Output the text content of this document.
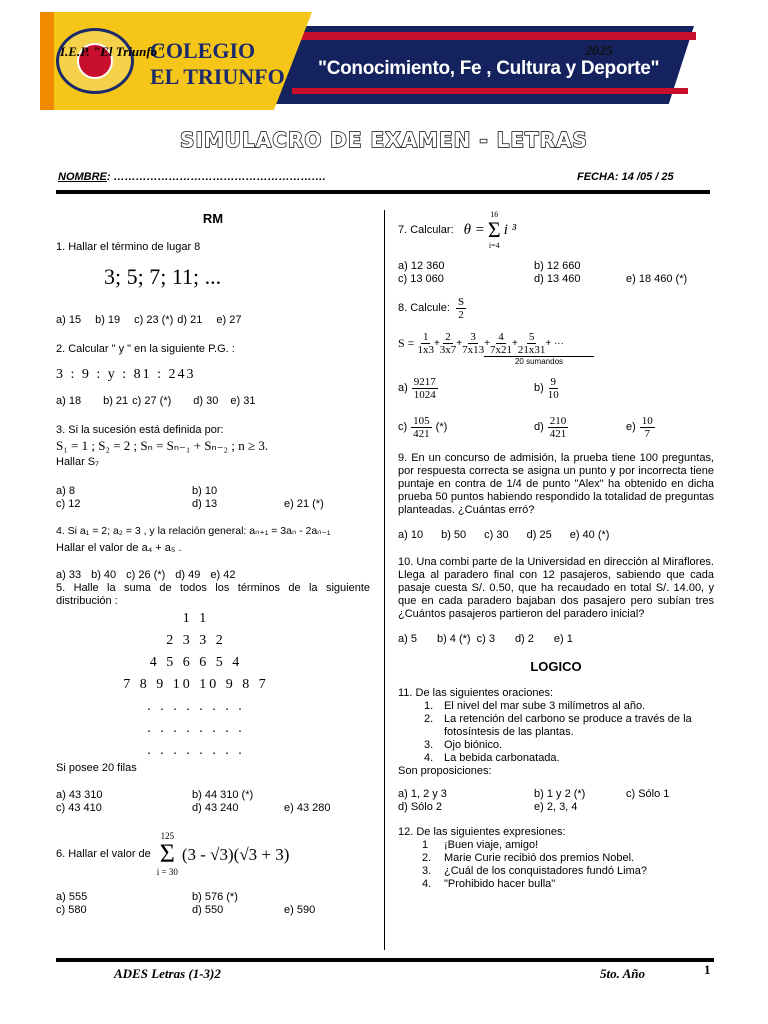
COLEGIO
EL TRIUNFO
I.E.P. "El Triunfo"	2025
"Conocimiento, Fe , Cultura y Deporte"
SIMULACRO DE EXAMEN - LETRAS
NOMBRE: ………………………………………………….	FECHA: 14 /05 / 25
RM
1. Hallar el término de lugar 8
3; 5; 7; 11; ...
a) 15 b) 19 c) 23 (*) d) 21 e) 27
2. Calcular " y " en la siguiente P.G. :
3 : 9 : y : 81 : 243
a) 18 b) 21 c) 27 (*) d) 30 e) 31
3. Si la sucesión está definida por:
S₁ = 1 ; S₂ = 2 ; Sₙ = Sₙ₋₁ + Sₙ₋₂ ; n ≥ 3.
Hallar S₇
a) 8	b) 10
c) 12	d) 13	e) 21 (*)
4. Si a₁ = 2; a₂ = 3 , y la relación general: aₙ₊₁ = 3aₙ - 2aₙ₋₁
Hallar el valor de a₄ + a₅ .
a) 33 b) 40 c) 26 (*) d) 49 e) 42
5. Halle la suma de todos los términos de la siguiente distribución :
1 1
2 3 3 2
4 5 6 6 5 4
7 8 9 10 10 9 8 7
. . . . . . . .
. . . . . . . .
. . . . . . . .
Si posee 20 filas
a) 43 310	b) 44 310 (*)
c) 43 410	d) 43 240	e) 43 280
6. Hallar el valor de
125
Σ
i = 30
(3 - √3)(√3 + 3)
a) 555	b) 576 (*)
c) 580	d) 550	e) 590
7. Calcular: θ =
16
Σ
i=4
i ³
a) 12 360	b) 12 660
c) 13 060	d) 13 460	e) 18 460 (*)
8. Calcule: $\frac{S}{2}$
$S = \frac{1}{1x3} + \frac{2}{3x7} + \frac{3}{7x13} + \frac{4}{7x21} + \frac{5}{21x31}$ + ···
20 sumandos
$a) \frac{9217}{1024}$	$b) \frac{9}{10}$
$c) \frac{105}{421}$ (*)	$d) \frac{210}{421}$	$e) \frac{10}{7}$
9. En un concurso de admisión, la prueba tiene 100 preguntas, por respuesta correcta se asigna un punto y por incorrecta tiene puntaje en contra de 1/4 de punto "Alex" ha obtenido en dicha prueba 50 puntos habiendo respondido la totalidad de preguntas planteadas. ¿Cuántas erró?
a) 10 b) 50 c) 30 d) 25 e) 40 (*)
10. Una combi parte de la Universidad en dirección al Miraflores. Llega al paradero final con 12 pasajeros, sabiendo que cada pasaje cuesta S/. 0.50, que ha recaudado en total S/. 14.00, y que en cada paradero bajaban dos pasajero pero subían tres ¿Cuántos pasajeros partieron del paradero inicial?
a) 5 b) 4 (*) c) 3 d) 2 e) 1
LOGICO
11. De las siguientes oraciones:
1. El nivel del mar sube 3 milímetros al año.
2. La retención del carbono se produce a través de la fotosíntesis de las plantas.
3. Ojo biónico.
4. La bebida carbonatada.
Son proposiciones:
a) 1, 2 y 3	b) 1 y 2 (*)	c) Sólo 1
d) Sólo 2	e) 2, 3, 4
12. De las siguientes expresiones:
1	¡Buen viaje, amigo!
2.	Marie Curie recibió dos premios Nobel.
3.	¿Cuál de los conquistadores fundó Lima?
4.	"Prohibido hacer bulla"
ADES Letras (1-3)2	5to. Año	1
